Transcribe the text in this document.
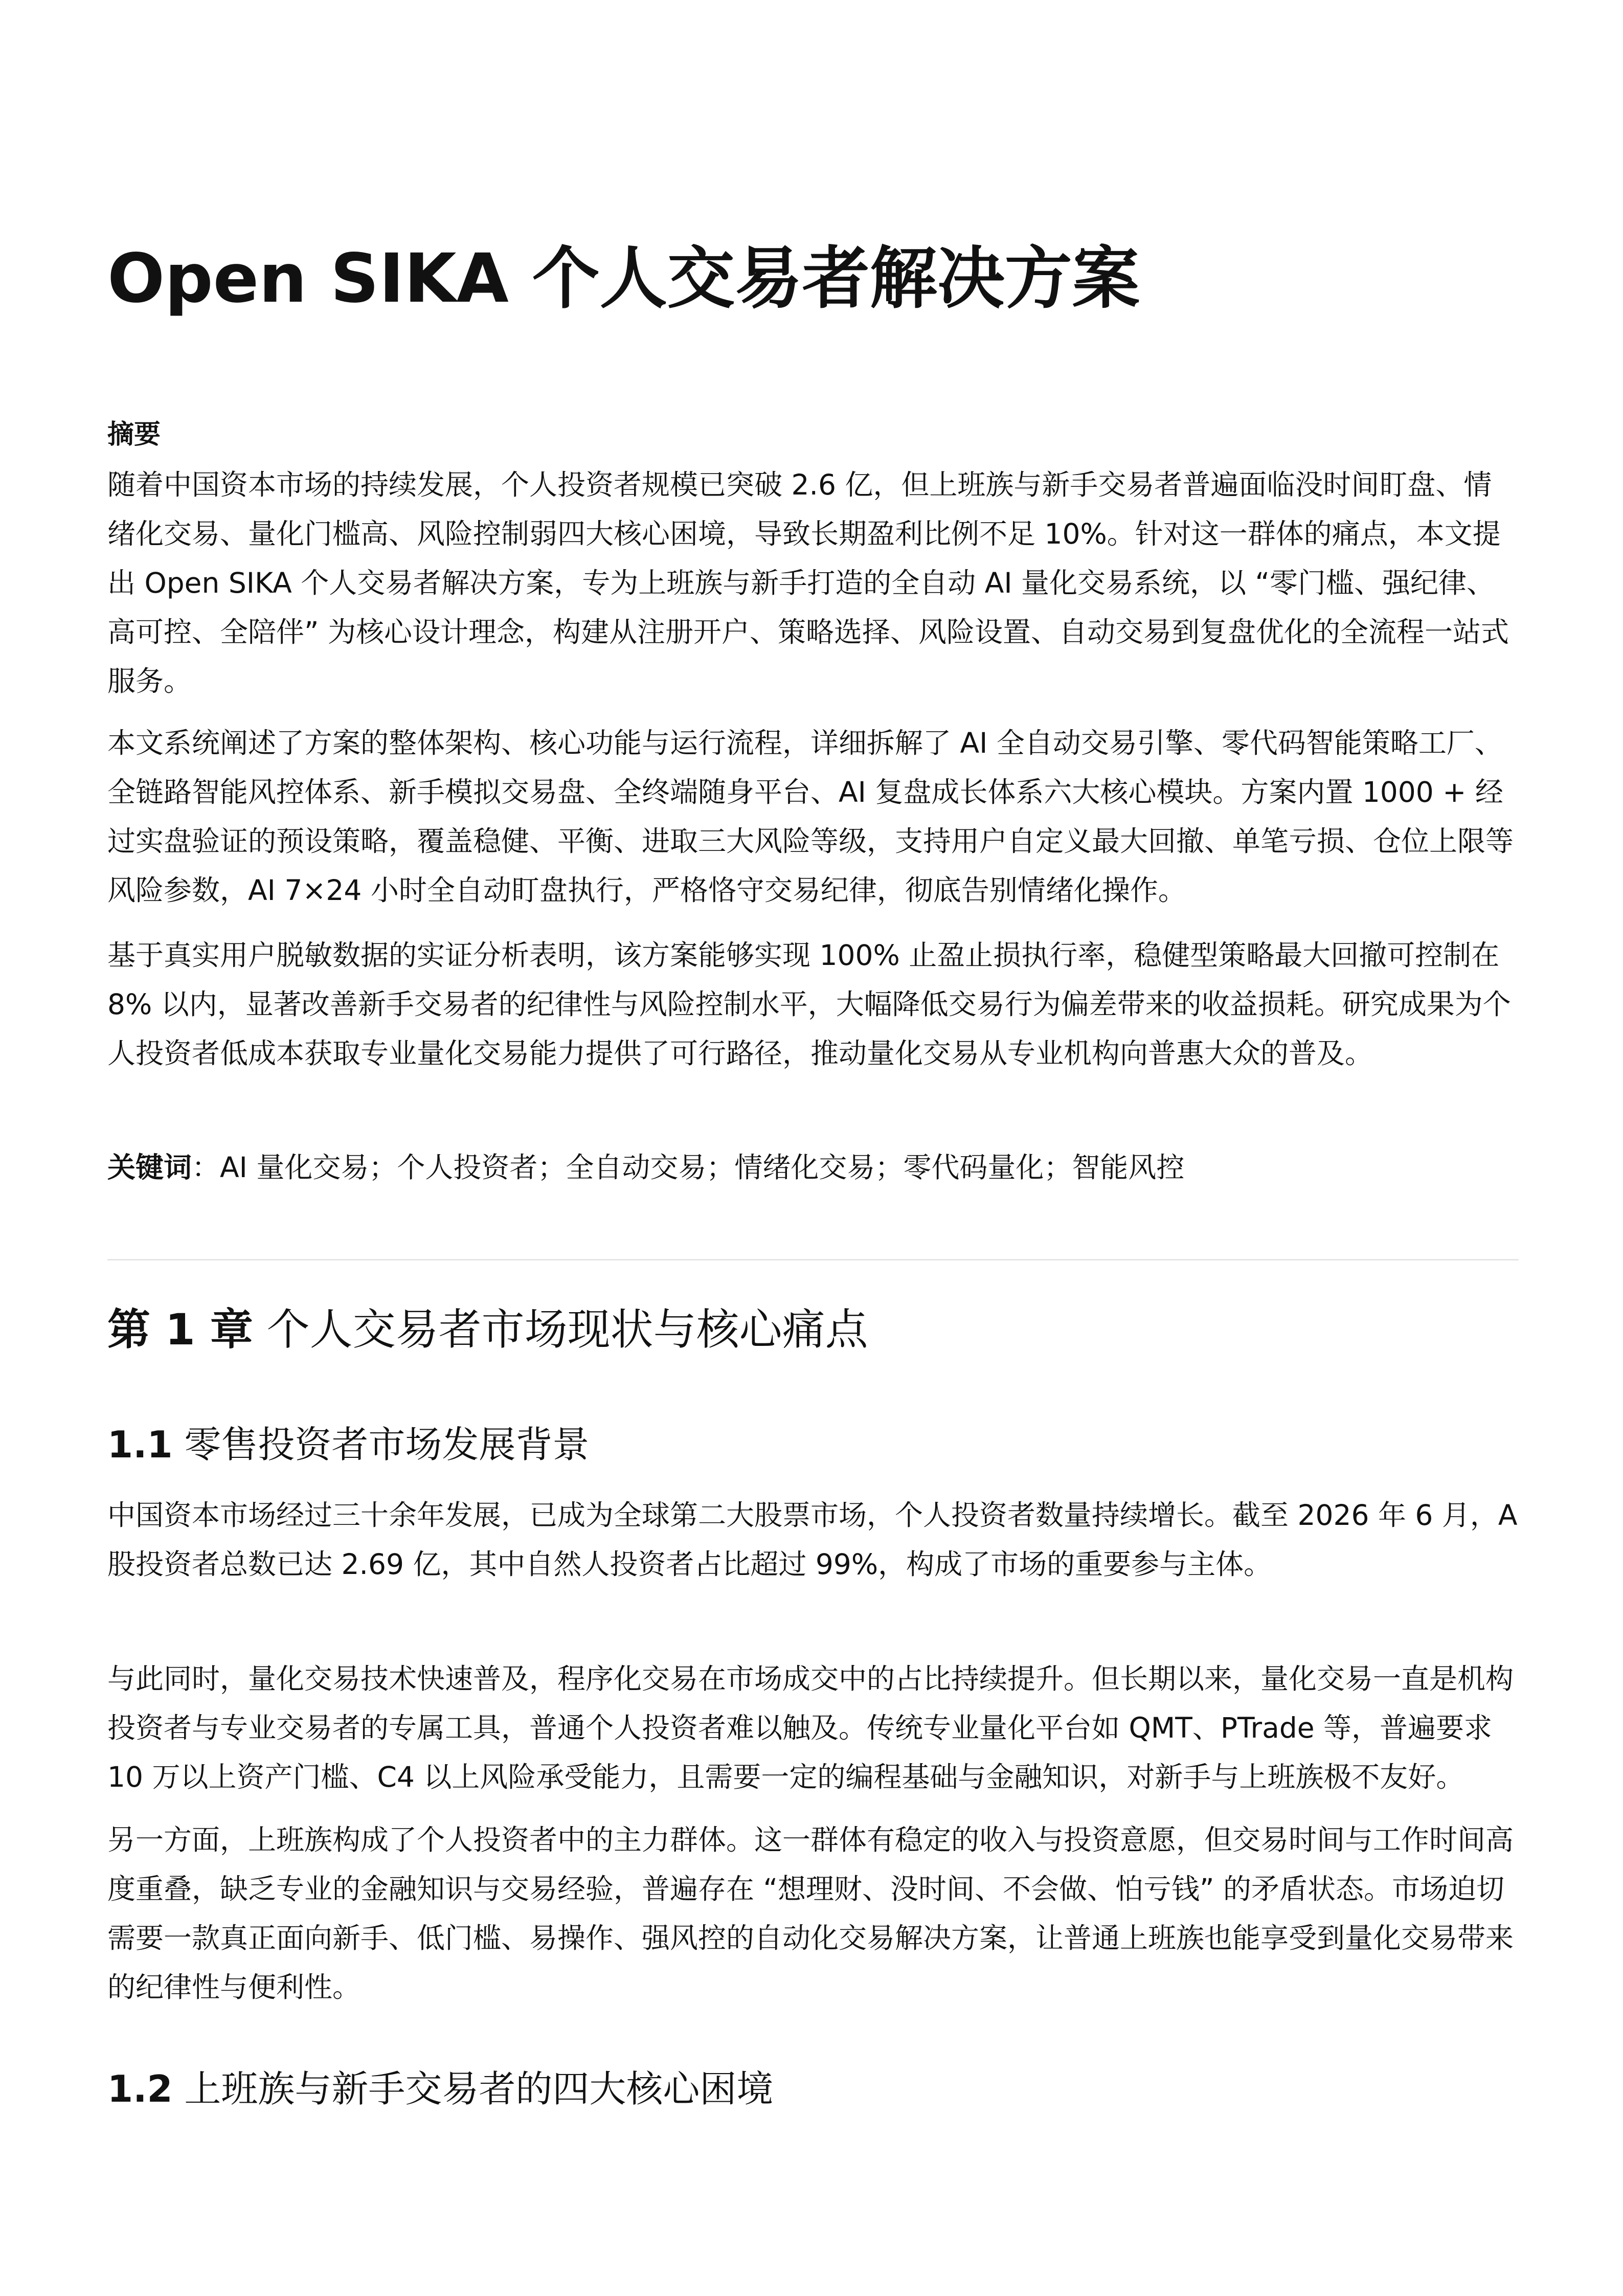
Open SIKA 个人交易者解决方案
摘要

随着中国资本市场的持续发展，个人投资者规模已突破 2.6 亿，但上班族与新手交易者普遍面临没时间盯盘、情绪化交易、量化门槛高、风险控制弱四大核心困境，导致长期盈利比例不足 10%。针对这一群体的痛点，本文提出 Open SIKA 个人交易者解决方案，专为上班族与新手打造的全自动 AI 量化交易系统，以 “零门槛、强纪律、高可控、全陪伴” 为核心设计理念，构建从注册开户、策略选择、风险设置、自动交易到复盘优化的全流程一站式服务。

本文系统阐述了方案的整体架构、核心功能与运行流程，详细拆解了 AI 全自动交易引擎、零代码智能策略工厂、全链路智能风控体系、新手模拟交易盘、全终端随身平台、AI 复盘成长体系六大核心模块。方案内置 1000 + 经过实盘验证的预设策略，覆盖稳健、平衡、进取三大风险等级，支持用户自定义最大回撤、单笔亏损、仓位上限等风险参数，AI 7×24 小时全自动盯盘执行，严格恪守交易纪律，彻底告别情绪化操作。

基于真实用户脱敏数据的实证分析表明，该方案能够实现 100% 止盈止损执行率，稳健型策略最大回撤可控制在 8% 以内，显著改善新手交易者的纪律性与风险控制水平，大幅降低交易行为偏差带来的收益损耗。研究成果为个人投资者低成本获取专业量化交易能力提供了可行路径，推动量化交易从专业机构向普惠大众的普及。

关键词：AI 量化交易；个人投资者；全自动交易；情绪化交易；零代码量化；智能风控

第 1 章 个人交易者市场现状与核心痛点
1.1 零售投资者市场发展背景

中国资本市场经过三十余年发展，已成为全球第二大股票市场，个人投资者数量持续增长。截至 2026 年 6 月，A 股投资者总数已达 2.69 亿，其中自然人投资者占比超过 99%，构成了市场的重要参与主体。

与此同时，量化交易技术快速普及，程序化交易在市场成交中的占比持续提升。但长期以来，量化交易一直是机构投资者与专业交易者的专属工具，普通个人投资者难以触及。传统专业量化平台如 QMT、PTrade 等，普遍要求 10 万以上资产门槛、C4 以上风险承受能力，且需要一定的编程基础与金融知识，对新手与上班族极不友好。

另一方面，上班族构成了个人投资者中的主力群体。这一群体有稳定的收入与投资意愿，但交易时间与工作时间高度重叠，缺乏专业的金融知识与交易经验，普遍存在 “想理财、没时间、不会做、怕亏钱” 的矛盾状态。市场迫切需要一款真正面向新手、低门槛、易操作、强风控的自动化交易解决方案，让普通上班族也能享受到量化交易带来的纪律性与便利性。

1.2 上班族与新手交易者的四大核心困境
